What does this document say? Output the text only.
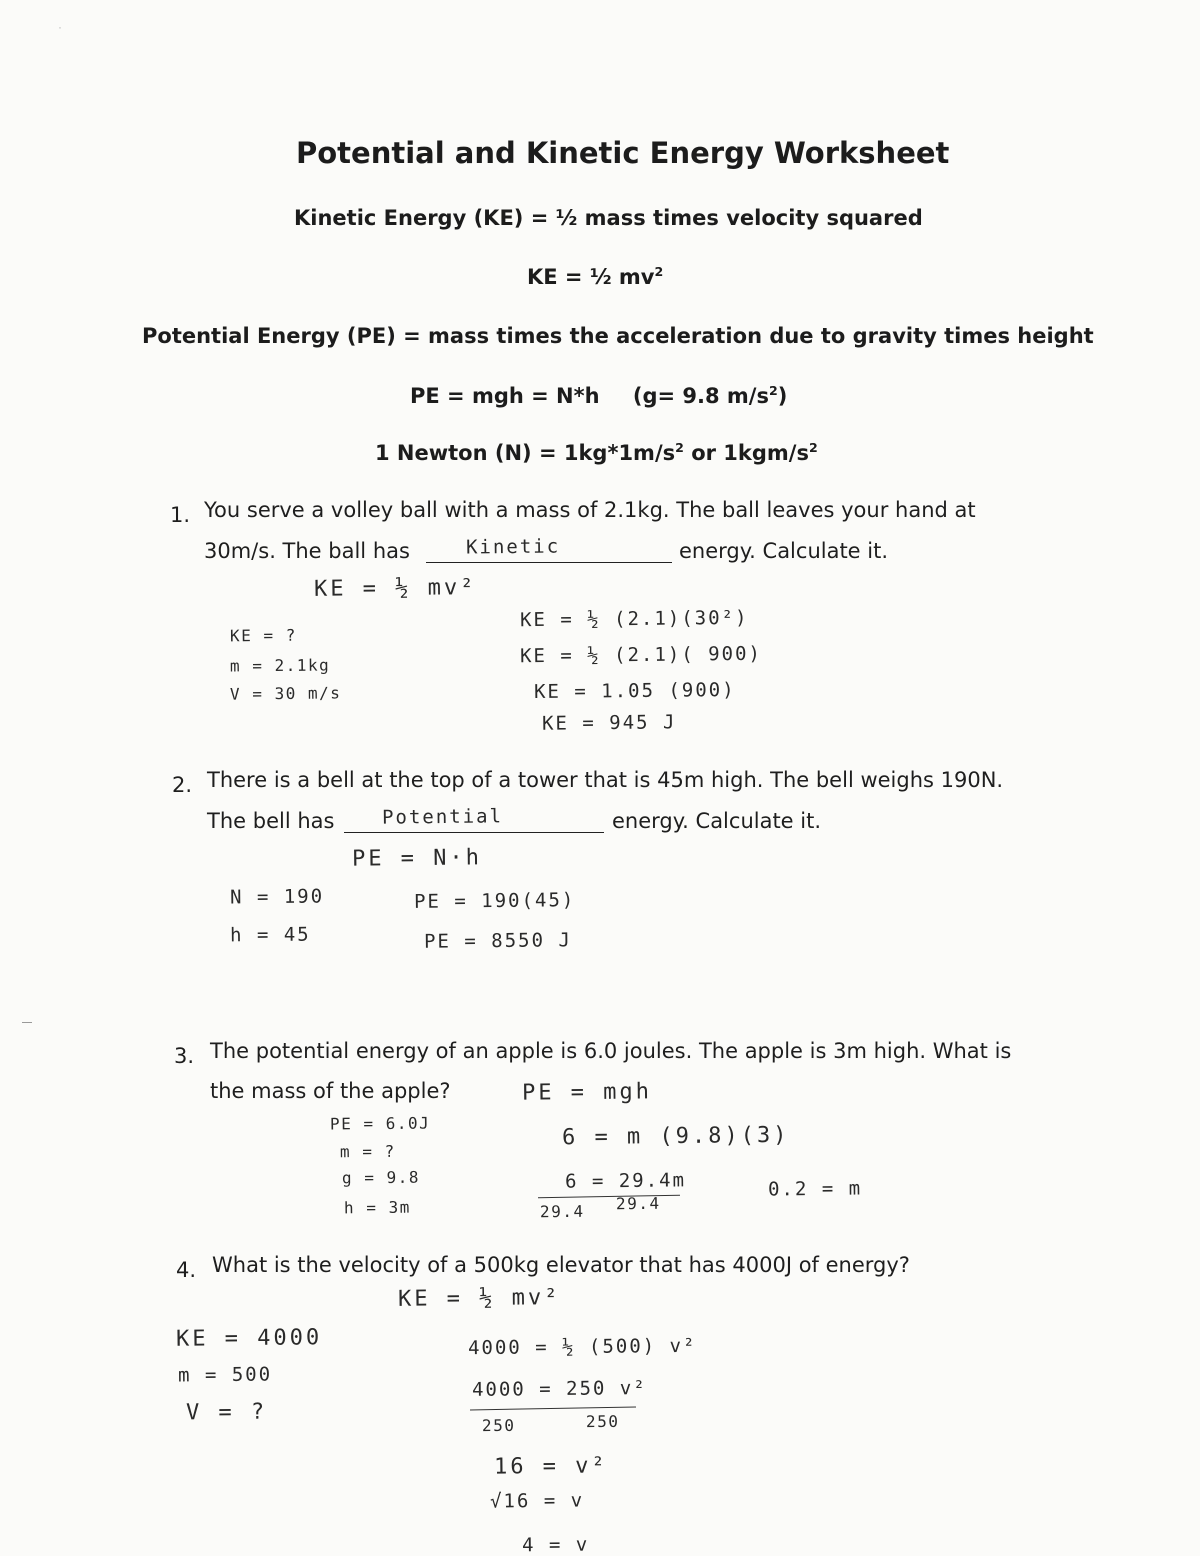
·
Potential and Kinetic Energy Worksheet
Kinetic Energy (KE) = ½ mass times velocity squared
KE = ½ $mv^2$
Potential Energy (PE) = mass times the acceleration due to gravity times height
PE = mgh = N*h (g= 9.8 $m/s^2$)
1 Newton $(N) = 1kg*1m/s^2$ or $1kgm/s^2$
1. You serve a volley ball with a mass of 2.1kg. The ball leaves your hand at
30m/s. The ball has	Kinetic	energy. Calculate it.
KE = ½ mv²
KE = ?
m = 2.1kg
V = 30 m/s
KE = ½ (2.1)(30²)
KE = ½ (2.1)( 900)
KE = 1.05 (900)
KE = 945 J
2. There is a bell at the top of a tower that is 45m high. The bell weighs 190N.
The bell has Potential	energy. Calculate it.
PE = N·h
N = 190
h = 45
PE = 190(45)
PE = 8550 J
3. The potential energy of an apple is 6.0 joules. The apple is 3m high. What is
the mass of the apple?	PE = mgh
PE = 6.0J
m = ?
g = 9.8
h = 3m
6 = m (9.8)(3)
6 = 29.4m
29.4 29.4
0.2 = m
4. What is the velocity of a 500kg elevator that has 4000J of energy?
KE = ½ mv²
KE = 4000
m = 500
V = ?
4000 = ½ (500) v²
4000 = 250 v²
250	250
16 = v²
√16 = v
4 = v
